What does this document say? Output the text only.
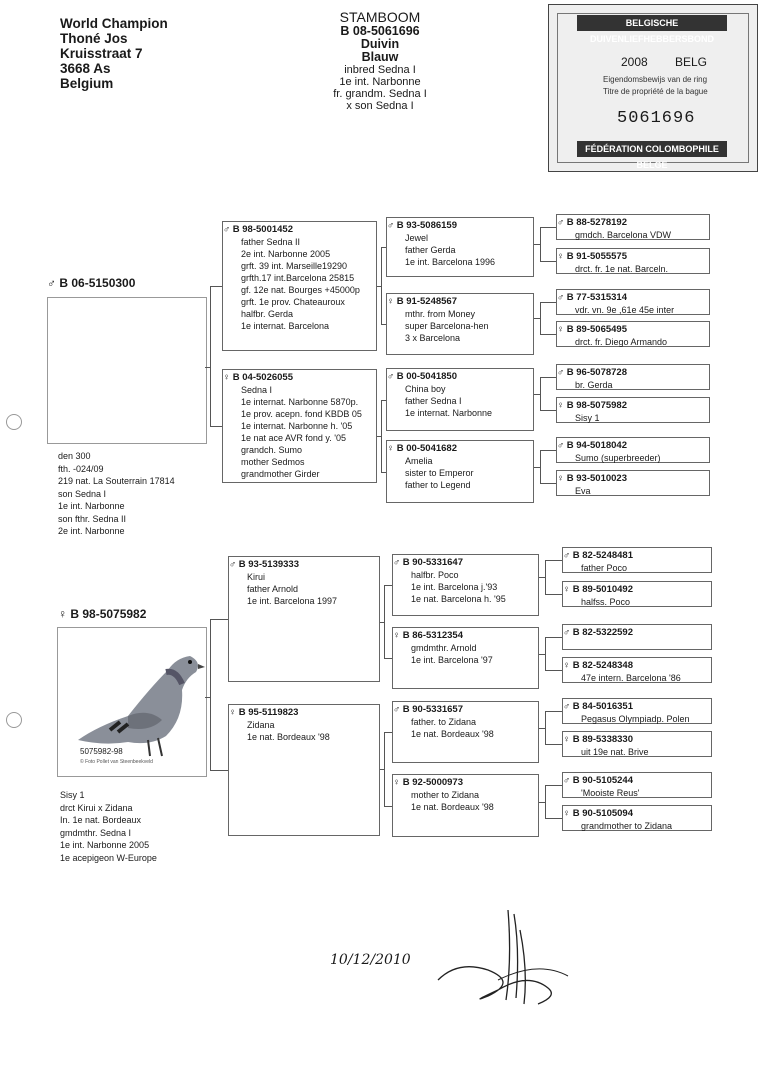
World Champion
Thoné Jos
Kruisstraat 7
3668 As
Belgium
STAMBOOM
B 08-5061696
Duivin
Blauw
inbred Sedna I
1e int. Narbonne
fr. grandm. Sedna I
x son Sedna I
BELGISCHE DUIVENLIEFHEBBERSBOND
2008 BELG
Eigendomsbewijs van de ring
Titre de propriété de la bague
5061696
FÉDÉRATION COLOMBOPHILE BELGE
♂ B 06-5150300
den 300
fth. -024/09
219 nat. La Souterrain 17814
son Sedna I
1e int. Narbonne
son fthr. Sedna II
2e int. Narbonne
♀ B 98-5075982
5075982-98
© Foto Pollet van Steenbeekveld
Sisy 1
drct Kirui x Zidana
In. 1e nat. Bordeaux
gmdmthr. Sedna I
1e int. Narbonne 2005
1e acepigeon W-Europe
♂ B 98-5001452
father Sedna II
2e int. Narbonne 2005
grft. 39 int. Marseille19290
grfth.17 int.Barcelona 25815
gf. 12e nat. Bourges +45000p
grft. 1e prov. Chateauroux
halfbr. Gerda
1e internat. Barcelona
♀ B 04-5026055
Sedna I
1e internat. Narbonne 5870p.
1e prov. acepn. fond KBDB 05
1e internat. Narbonne h. '05
1e nat ace AVR fond y. '05
grandch. Sumo
mother Sedmos
grandmother Girder
♂ B 93-5139333
Kirui
father Arnold
1e int. Barcelona 1997
♀ B 95-5119823
Zidana
1e nat. Bordeaux '98
♂ B 93-5086159
Jewel
father Gerda
1e int. Barcelona 1996
♀ B 91-5248567
mthr. from Money
super Barcelona-hen
3 x Barcelona
♂ B 00-5041850
China boy
father Sedna I
1e internat. Narbonne
♀ B 00-5041682
Amelia
sister to Emperor
father to Legend
♂ B 90-5331647
halfbr. Poco
1e int. Barcelona j.'93
1e nat. Barcelona h. '95
♀ B 86-5312354
gmdmthr. Arnold
1e int. Barcelona '97
♂ B 90-5331657
father. to Zidana
1e nat. Bordeaux '98
♀ B 92-5000973
mother to Zidana
1e nat. Bordeaux '98
♂ B 88-5278192
gmdch. Barcelona VDW
♀ B 91-5055575
drct. fr. 1e nat. Barceln.
♂ B 77-5315314
vdr. vn. 9e ,61e 45e inter
♀ B 89-5065495
drct. fr. Diego Armando
♂ B 96-5078728
br. Gerda
♀ B 98-5075982
Sisy 1
♂ B 94-5018042
Sumo (superbreeder)
♀ B 93-5010023
Eva
♂ B 82-5248481
father Poco
♀ B 89-5010492
halfss. Poco
♂ B 82-5322592
♀ B 82-5248348
47e intern. Barcelona '86
♂ B 84-5016351
Pegasus Olympiadp. Polen
♀ B 89-5338330
uit 19e nat. Brive
♂ B 90-5105244
'Mooiste Reus'
♀ B 90-5105094
grandmother to Zidana
10/12/2010
